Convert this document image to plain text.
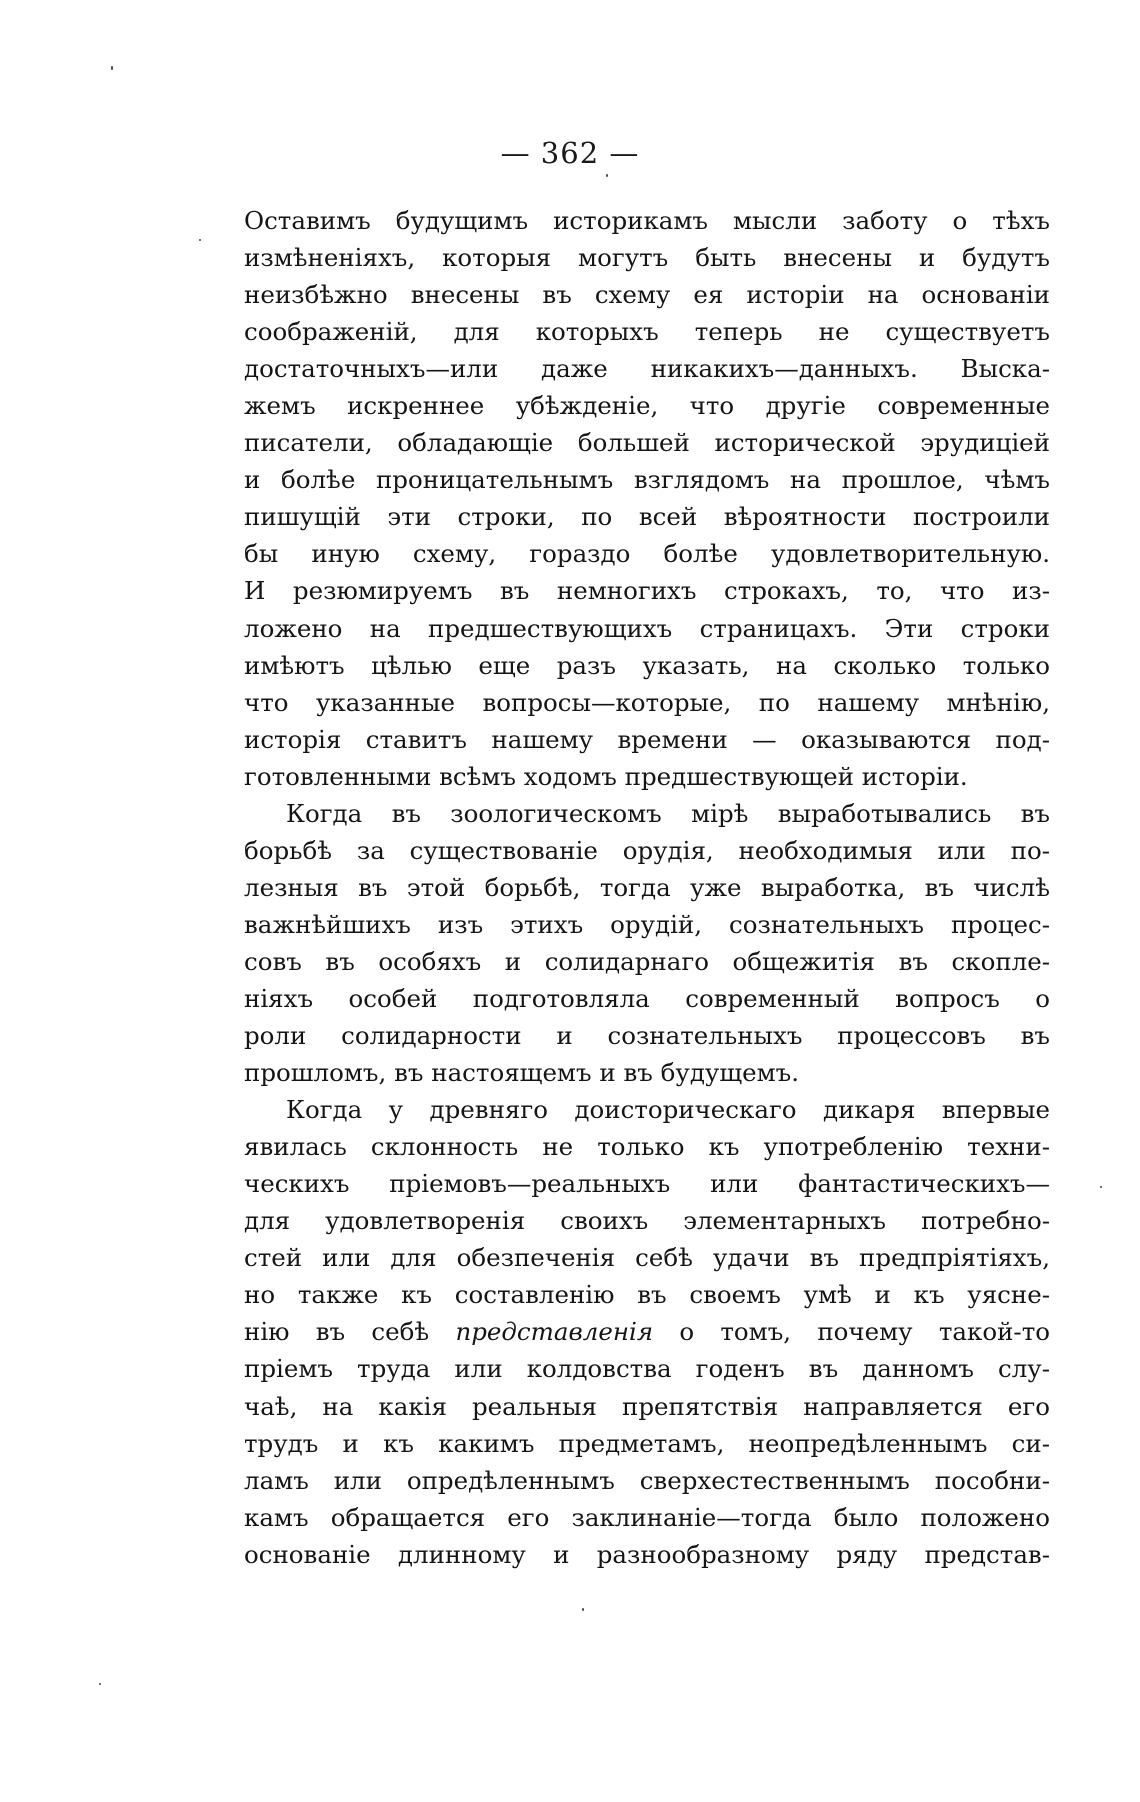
— 362 —
Оставимъ будущимъ историкамъ мысли заботу о тѣхъ
измѣненіяхъ, которыя могутъ быть внесены и будутъ
неизбѣжно внесены въ схему ея исторіи на основаніи
соображеній, для которыхъ теперь не существуетъ
достаточныхъ—или даже никакихъ—данныхъ. Выска-
жемъ искреннее убѣжденіе, что другіе современные
писатели, обладающіе большей исторической эрудиціей
и болѣе проницательнымъ взглядомъ на прошлое, чѣмъ
пишущій эти строки, по всей вѣроятности построили
бы иную схему, гораздо болѣе удовлетворительную.
И резюмируемъ въ немногихъ строкахъ, то, что из-
ложено на предшествующихъ страницахъ. Эти строки
имѣютъ цѣлью еще разъ указать, на сколько только
что указанные вопросы—которые, по нашему мнѣнію,
исторія ставитъ нашему времени — оказываются под-
готовленными всѣмъ ходомъ предшествующей исторіи.
Когда въ зоологическомъ мірѣ выработывались въ
борьбѣ за существованіе орудія, необходимыя или по-
лезныя въ этой борьбѣ, тогда уже выработка, въ числѣ
важнѣйшихъ изъ этихъ орудій, сознательныхъ процес-
совъ въ особяхъ и солидарнаго общежитія въ скопле-
ніяхъ особей подготовляла современный вопросъ о
роли солидарности и сознательныхъ процессовъ въ
прошломъ, въ настоящемъ и въ будущемъ.
Когда у древняго доисторическаго дикаря впервые
явилась склонность не только къ употребленію техни-
ческихъ пріемовъ—реальныхъ или фантастическихъ—
для удовлетворенія своихъ элементарныхъ потребно-
стей или для обезпеченія себѣ удачи въ предпріятіяхъ,
но также къ составленію въ своемъ умѣ и къ уясне-
нію въ себѣ представленія о томъ, почему такой-то
пріемъ труда или колдовства годенъ въ данномъ слу-
чаѣ, на какія реальныя препятствія направляется его
трудъ и къ какимъ предметамъ, неопредѣленнымъ си-
ламъ или опредѣленнымъ сверхестественнымъ пособни-
камъ обращается его заклинаніе—тогда было положено
основаніе длинному и разнообразному ряду представ-
